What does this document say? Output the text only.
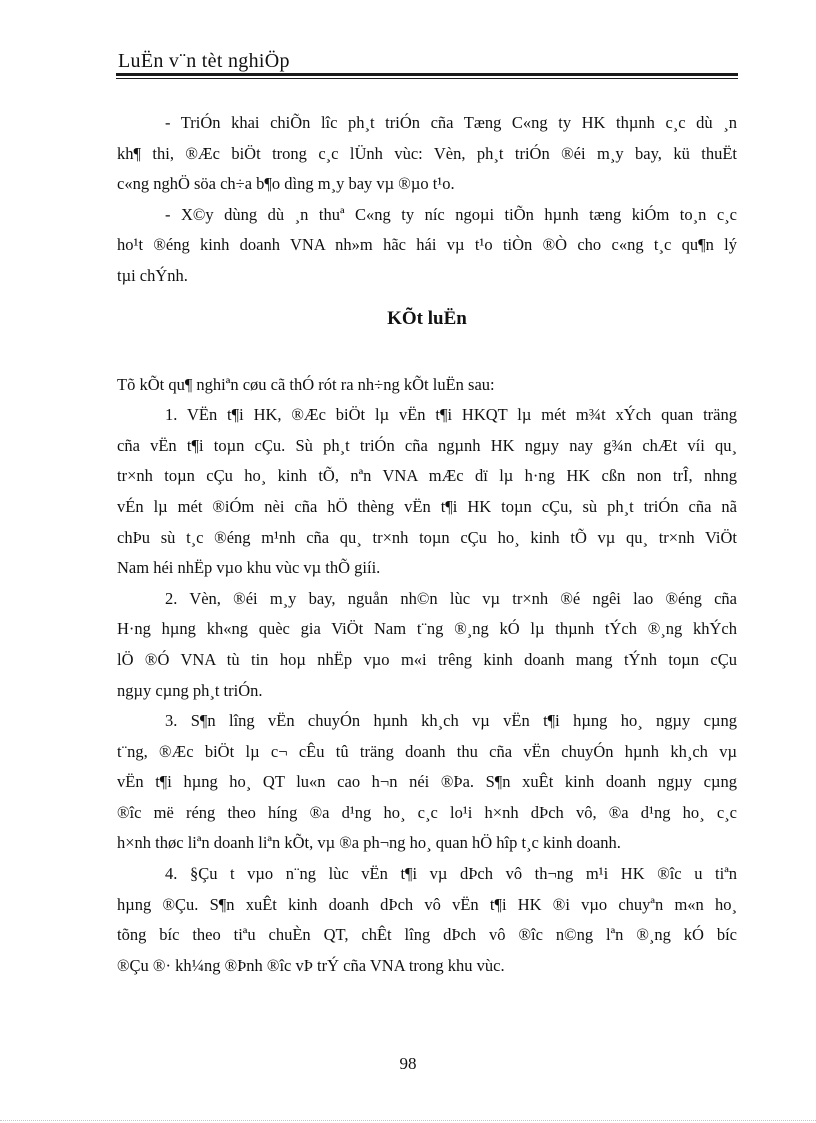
LuËn v¨n tèt nghiÖp
- TriÓn khai chiÕn lîc ph¸t triÓn cña Tæng C«ng ty HK thµnh c¸c dù ¸n
kh¶ thi, ®Æc biÖt trong c¸c lÜnh vùc: Vèn, ph¸t triÓn ®éi m¸y bay, kü thuËt
c«ng nghÖ söa ch÷a b¶o dìng m¸y bay vµ ®µo t¹o.
- X©y dùng dù ¸n thuª C«ng ty níc ngoµi tiÕn hµnh tæng kiÓm to¸n c¸c
ho¹t ®éng kinh doanh VNA nh»m hãc hái vµ t¹o tiÒn ®Ò cho c«ng t¸c qu¶n lý
tµi chÝnh.
KÕt luËn
Tõ kÕt qu¶ nghiªn cøu cã thÓ rót ra nh÷ng kÕt luËn sau:
1. VËn t¶i HK, ®Æc biÖt lµ vËn t¶i HKQT lµ mét m¾t xÝch quan träng
cña vËn t¶i toµn cÇu. Sù ph¸t triÓn cña ngµnh HK ngµy nay g¾n chÆt víi qu¸
tr×nh toµn cÇu ho¸ kinh tÕ, nªn VNA mÆc dï lµ h·ng HK cßn non trÎ, nhng
vÉn lµ mét ®iÓm nèi cña hÖ thèng vËn t¶i HK toµn cÇu, sù ph¸t triÓn cña nã
chÞu sù t¸c ®éng m¹nh cña qu¸ tr×nh toµn cÇu ho¸ kinh tÕ vµ qu¸ tr×nh ViÖt
Nam héi nhËp vµo khu vùc vµ thÕ giíi.
2. Vèn, ®éi m¸y bay, nguån nh©n lùc vµ tr×nh ®é ngêi lao ®éng cña
H·ng hµng kh«ng quèc gia ViÖt Nam t¨ng ®¸ng kÓ lµ thµnh tÝch ®¸ng khÝch
lÖ ®Ó VNA tù tin hoµ nhËp vµo m«i trêng kinh doanh mang tÝnh toµn cÇu
ngµy cµng ph¸t triÓn.
3. S¶n lîng vËn chuyÓn hµnh kh¸ch vµ vËn t¶i hµng ho¸ ngµy cµng
t¨ng, ®Æc biÖt lµ c¬ cÊu tû träng doanh thu cña vËn chuyÓn hµnh kh¸ch vµ
vËn t¶i hµng ho¸ QT lu«n cao h¬n néi ®Þa. S¶n xuÊt kinh doanh ngµy cµng
®îc më réng theo híng ®a d¹ng ho¸ c¸c lo¹i h×nh dÞch vô, ®a d¹ng ho¸ c¸c
h×nh thøc liªn doanh liªn kÕt, vµ ®a ph¬ng ho¸ quan hÖ hîp t¸c kinh doanh.
4. §Çu t vµo n¨ng lùc vËn t¶i vµ dÞch vô th¬ng m¹i HK ®îc u tiªn
hµng ®Çu. S¶n xuÊt kinh doanh dÞch vô vËn t¶i HK ®i vµo chuyªn m«n ho¸
tõng bíc theo tiªu chuÈn QT, chÊt lîng dÞch vô ®îc n©ng lªn ®¸ng kÓ bíc
®Çu ®· kh¼ng ®Þnh ®îc vÞ trÝ cña VNA trong khu vùc.
98
